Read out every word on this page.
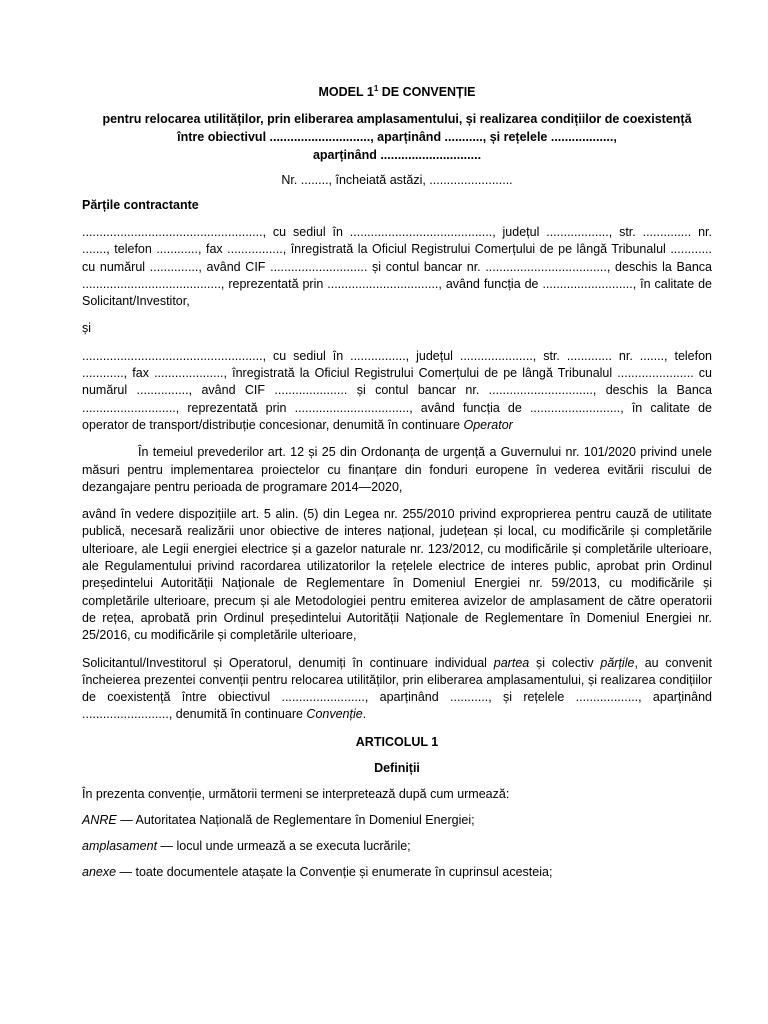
MODEL $1^1$ DE CONVENȚIE
pentru relocarea utilităților, prin eliberarea amplasamentului, și realizarea condițiilor de coexistență
între obiectivul ............................., aparținând ..........., și rețelele ..................,
aparținând .............................
Nr. ........, încheiată astăzi, ........................
Părțile contractante
...................................................., cu sediul în ........................................., județul .................., str. .............. nr. ......., telefon ............, fax ................, înregistrată la Oficiul Registrului Comerțului de pe lângă Tribunalul ............ cu numărul .............., având CIF ............................ și contul bancar nr. ..................................., deschis la Banca ........................................, reprezentată prin ................................, având funcția de .........................., în calitate de Solicitant/Investitor,
și
...................................................., cu sediul în ................, județul ....................., str. ............. nr. ......., telefon ............, fax ...................., înregistrată la Oficiul Registrului Comerțului de pe lângă Tribunalul ...................... cu numărul ..............., având CIF ..................... și contul bancar nr. .............................., deschis la Banca ..........................., reprezentată prin ................................., având funcția de .........................., în calitate de operator de transport/distribuție concesionar, denumită în continuare Operator
În temeiul prevederilor art. 12 și 25 din Ordonanța de urgență a Guvernului nr. 101/2020 privind unele măsuri pentru implementarea proiectelor cu finanțare din fonduri europene în vederea evitării riscului de dezangajare pentru perioada de programare 2014—2020,
având în vedere dispozițiile art. 5 alin. (5) din Legea nr. 255/2010 privind exproprierea pentru cauză de utilitate publică, necesară realizării unor obiective de interes național, județean și local, cu modificările și completările ulterioare, ale Legii energiei electrice și a gazelor naturale nr. 123/2012, cu modificările și completările ulterioare, ale Regulamentului privind racordarea utilizatorilor la rețelele electrice de interes public, aprobat prin Ordinul președintelui Autorității Naționale de Reglementare în Domeniul Energiei nr. 59/2013, cu modificările și completările ulterioare, precum și ale Metodologiei pentru emiterea avizelor de amplasament de către operatorii de rețea, aprobată prin Ordinul președintelui Autorității Naționale de Reglementare în Domeniul Energiei nr. 25/2016, cu modificările și completările ulterioare,
Solicitantul/Investitorul și Operatorul, denumiți în continuare individual partea și colectiv părțile, au convenit încheierea prezentei convenții pentru relocarea utilităților, prin eliberarea amplasamentului, și realizarea condițiilor de coexistență între obiectivul ........................, aparținând ..........., și rețelele .................., aparținând ........................., denumită în continuare Convenție.
ARTICOLUL 1
Definiții
În prezenta convenție, următorii termeni se interpretează după cum urmează:
ANRE — Autoritatea Națională de Reglementare în Domeniul Energiei;
amplasament — locul unde urmează a se executa lucrările;
anexe — toate documentele atașate la Convenție și enumerate în cuprinsul acesteia;
